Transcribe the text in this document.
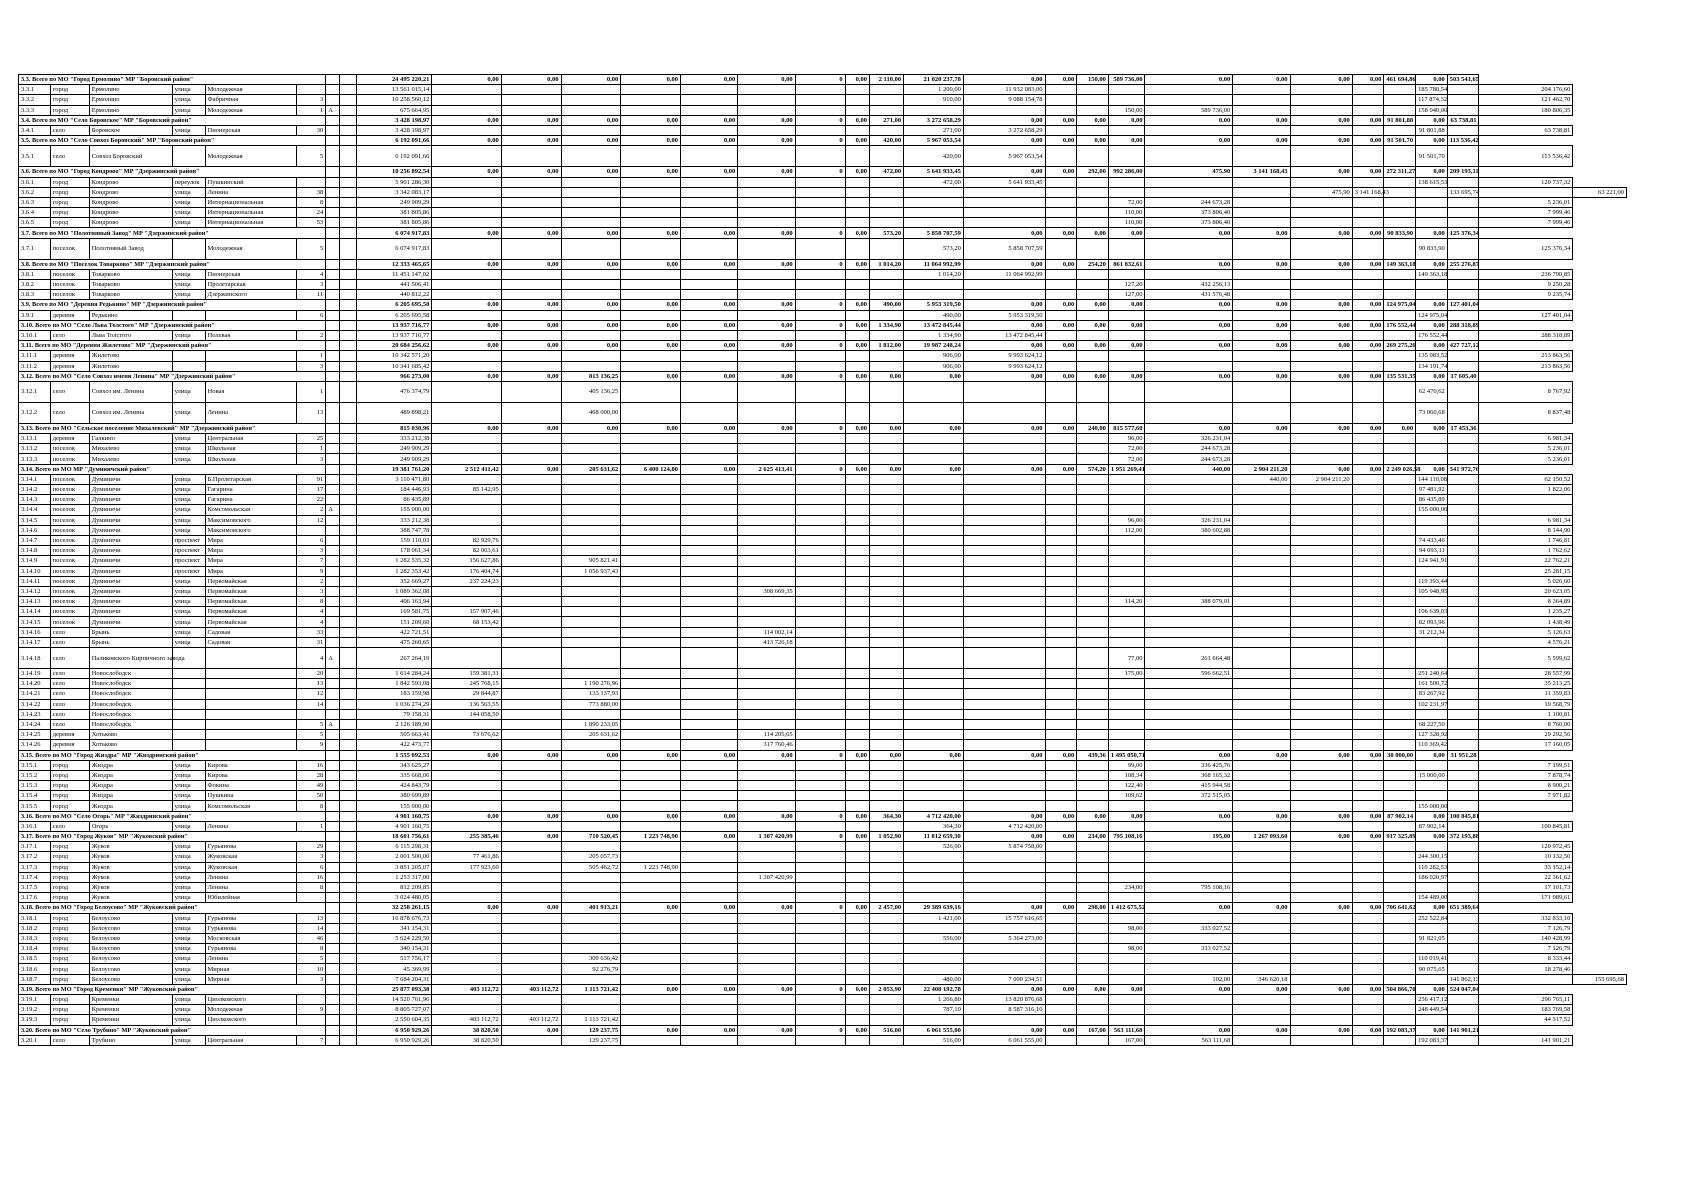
3.3. Всего по МО "Город Ермолино" МР "Боровский район"								24 495 220,21	0,00	0,00	0,00	0,00	0,00	0,00	0	0,00	2 110,00	21 020 237,78	0,00	0,00	150,00	589 736,00	0,00	0,00	0,00	0,00	461 694,86	0,00	503 541,65		
3.3.1	город	Ермолино	улица	Молодежная				13 561 015,14										1 200,00	11 932 083,00									185 780,54		204 176,60	
3.3.2	город	Ермолино	улица	Фабричная	3			10 258 560,12										910,00	9 088 154,78									117 874,32		121 462,70	
3.3.3	город	Ермолино	улица	Молодежная	1	А		675 664,95														150,00	589 736,00					158 040,00		180 806,35	
3.4. Всего по МО "Село Боровское" МР "Боровский район"								3 428 198,97	0,00	0,00	0,00	0,00	0,00	0,00	0	0,00	271,00	3 272 658,29	0,00	0,00	0,00	0,00	0,00	0,00	0,00	0,00	91 801,88	0,00	63 738,81		
3.4.1	село	Боровское	улица	Пионерская	30			3 428 198,97										271,00	3 272 658,29									91 801,88		63 738,81	
3.5. Всего по МО "Село Совхоз Боровский" МР "Боровский район"								6 192 091,66	0,00	0,00	0,00	0,00	0,00	0,00	0	0,00	420,00	5 967 053,54	0,00	0,00	0,00	0,00	0,00	0,00	0,00	0,00	91 501,70	0,00	113 536,42		
3.5.1	село	Совхоз Боровский		Молодежная	5			6 192 091,66										420,00	5 967 053,54									91 501,70		113 536,42	
3.6. Всего по МО "Город Кондрово" МР "Дзержинский район"								10 256 892,54	0,00	0,00	0,00	0,00	0,00	0,00	0	0,00	472,00	5 641 933,45	0,00	0,00	292,00	992 286,00	475,90	3 141 168,43	0,00	0,00	272 311,27	0,00	209 193,11		
3.6.1	город	Кондрово	переулок	Пушкинский				5 901 286,30										472,00	5 641 933,45									138 615,53		120 737,32	
3.6.2	город	Кондрово	улица	Ленина	38			3 342 083,17																	475,90	3 141 168,43			133 695,74		63 221,00
3.6.3	город	Кондрово	улица	Интернациональная	8			249 909,29														72,00	244 673,28							5 236,01	
3.6.4	город	Кондрово	улица	Интернациональная	24			381 805,86														110,00	373 806,40							7 999,46	
3.6.5	город	Кондрово	улица	Интернациональная	53			381 805,86														110,00	373 806,40							7 999,46	
3.7. Всего по МО "Полотняный Завод" МР "Дзержинский район"								6 074 917,83	0,00	0,00	0,00	0,00	0,00	0,00	0	0,00	573,20	5 858 707,59	0,00	0,00	0,00	0,00	0,00	0,00	0,00	0,00	90 833,90	0,00	125 376,34		
3.7.1	поселок	Полотняный Завод		Молодежная	5			6 074 917,83										573,20	5 858 707,59									90 833,90		125 376,34	
3.8. Всего по МО "Поселок Товарково" МР "Дзержинский район"								12 333 465,65	0,00	0,00	0,00	0,00	0,00	0,00	0	0,00	1 014,20	11 064 992,99	0,00	0,00	254,20	861 832,61	0,00	0,00	0,00	0,00	149 363,18	0,00	255 276,87		
3.8.1	поселок	Товарково	улица	Пионерская	4			11 451 147,02										1 014,20	11 064 992,99									149 363,18		236 790,85	
3.8.2	поселок	Товарково	улица	Пролетарская	3			441 506,41														127,20	432 256,13							9 250,28	
3.8.3	поселок	Товарково	улица	Дзержинского	11			440 812,22														127,00	431 576,48							9 235,74	
3.9. Всего по МО "Деревня Редькино" МР "Дзержинский район"								6 205 695,58	0,00	0,00	0,00	0,00	0,00	0,00	0	0,00	490,00	5 953 319,50	0,00	0,00	0,00	0,00	0,00	0,00	0,00	0,00	124 975,04	0,00	127 401,04		
3.9.1	деревня	Редькино			6			6 205 695,58										490,00	5 953 319,50									124 975,04		127 401,04	
3.10. Всего по МО "Село Льва Толстого" МР "Дзержинский район"								13 937 716,77	0,00	0,00	0,00	0,00	0,00	0,00	0	0,00	1 334,90	13 472 845,44	0,00	0,00	0,00	0,00	0,00	0,00	0,00	0,00	176 552,44	0,00	288 318,89		
3.10.1	село	Льва Толстого	улица	Полевая	2			13 937 716,77										1 334,90	13 472 845,44									176 552,44		288 318,89	
3.11. Всего по МО "Деревня Жилетово" МР "Дзержинский район"								20 684 256,62	0,00	0,00	0,00	0,00	0,00	0,00	0	0,00	1 812,00	19 987 248,24	0,00	0,00	0,00	0,00	0,00	0,00	0,00	0,00	269 275,26	0,00	427 727,12		
3.11.1	деревня	Жилетово			1			10 342 571,20										906,00	9 993 624,12									135 083,52		213 863,56	
3.11.2	деревня	Жилетово			3			10 341 685,42										906,00	9 993 624,12									134 191,74		213 863,56	
3.12. Всего по МО "Село Совхоз имени Ленина" МР "Дзержинский район"								966 273,00	0,00	0,00	813 136,25	0,00	0,00	0,00	0	0,00	0,00	0,00	0,00	0,00	0,00	0,00	0,00	0,00	0,00	0,00	135 531,35	0,00	17 605,40		
3.12.1	село	Совхоз им. Ленина	улица	Новая	1			476 374,79			405 136,25																	62 470,62		8 767,92	
3.12.2	село	Совхоз им. Ленина	улица	Ленина	13			489 898,21			408 000,00																	73 060,68		8 837,48	
3.13. Всего по МО "Сельское поселение Михалевский" МР "Дзержинский район"								815 030,96	0,00	0,00	0,00	0,00	0,00	0,00	0	0,00	0,00	0,00	0,00	0,00	240,00	815 577,60	0,00	0,00	0,00	0,00	0,00	0,00	17 453,36		
3.13.1	деревня	Галкино	улица	Центральная	25			333 212,38														96,00	326 231,04							6 981,34	
3.13.2	поселок	Михалево	улица	Школьная	1			249 909,29														72,00	244 673,28							5 236,01	
3.13.3	поселок	Михалево	улица	Школьная	3			249 909,29														72,00	244 673,28							5 236,01	
3.14. Всего по МО МР "Думиничский район"								19 381 761,20	2 512 411,42	0,00	205 631,62	6 400 124,80	0,00	2 625 413,41	0	0,00	0,00	0,00	0,00	0,00	574,20	1 951 269,41	440,00	2 904 211,20	0,00	0,00	2 249 026,58	0,00	341 972,76		
3.14.1	поселок	Думиничи	улица	Б.Пролетарская	91			3 110 471,80																440,00	2 904 211,20			144 110,08		62 150,52	
3.14.2	поселок	Думиничи	улица	Гагарина	17			184 446,93	85 142,95																			97 481,92		1 822,06	
3.14.3	поселок	Думиничи	улица	Гагарина	22			86 435,89																				86 435,89			
3.14.4	поселок	Думиничи	улица	Комсомольская	2	А		155 000,00																				155 000,00			
3.14.5	поселок	Думиничи	улица	Максимовского	12			333 212,38														96,00	326 231,04							6 981,34	
3.14.6	поселок	Думиничи	улица	Максимовского				388 747,78														112,00	380 602,88							8 144,90	
3.14.7	поселок	Думиничи	проспект	Мира	6			159 110,03	82 929,76																			74 433,46		1 746,81	
3.14.8	поселок	Думиничи	проспект	Мира	3			178 061,34	82 063,61																			94 093,11		1 762,62	
3.14.9	поселок	Думиничи	проспект	Мира	7			1 282 535,32	156 627,86		905 821,41																	124 941,91		22 762,21	
3.14.10	поселок	Думиничи	проспект	Мира	9			1 282 353,42	176 404,74		1 056 937,43																			25 281,15	
3.14.11	поселок	Думиничи	улица	Первомайская	2			352 669,27	237 224,23																			119 393,44		5 026,60	
3.14.12	поселок	Думиничи	улица	Первомайская	3			1 089 362,08						308 669,35														105 948,95		20 623,05	
3.14.13	поселок	Думиничи	улица	Первомайская	8			406 163,94														114,20	388 079,01							8 364,89	
3.14.14	поселок	Думиничи	улица	Первомайская	4			169 581,75	157 907,46																			106 639,03		1 235,27	
3.14.15	поселок	Думиничи	улица	Первомайская	4			151 209,60	68 153,42																			82 093,96		1 438,49	
3.14.16	село	Брынь	улица	Садовая	33			422 721,51						114 002,14														31 212,34		5 126,63	
3.14.17	село	Брынь	улица	Садовая	31			475 260,65						413 726,18																4 576,21	
3.14.18	село	Паликовского Кирпичного завода			4	А		267 264,19														77,00	261 664,48							5 599,62	
3.14.19	село	Новослободск			20			1 614 284,24	159 381,31													175,00	596 662,51					251 240,64		28 557,99	
3.14.20	село	Новослободск			13			1 842 593,08	245 768,15		1 190 276,96																	161 500,72		35 213,25	
3.14.21	село	Новослободск			12			183 159,98	29 844,87		133 137,93																	83 267,92		11 359,83	
3.14.22	село	Новослободск			14			1 036 274,29	136 563,55		773 880,00																	102 231,97		19 568,79	
3.14.23	село	Новослободск						79 158,31	144 058,50																					1 100,81	
3.14.24	село	Новослободск			5	А		2 126 189,90			1 890 233,05																	68 227,50		8 760,00	
3.14.25	деревня	Хотьково			5			505 663,41	73 676,62		205 631,62			114 205,65														127 328,92		29 292,56	
3.14.26	деревня	Хотьково			9			422 473,77						317 760,46														110 369,42		17 160,05	
3.15. Всего по МО "Город Жиздра" МР "Жиздринский район"								1 555 092,53	0,00	0,00	0,00	0,00	0,00	0,00	0	0,00	0,00	0,00	0,00	0,00	439,36	1 495 050,71	0,00	0,00	0,00	0,00	30 000,00	0,00	31 951,28		
3.15.1	город	Жиздра	улица	Кирова	16			343 625,27														99,00	336 425,76							7 199,51	
3.15.2	город	Жиздра	улица	Кирова	28			335 668,06														108,34	368 165,32					15 000,00		7 878,74	
3.15.3	город	Жиздра	улица	Фокина	49			424 843,79														122,40	415 944,58							8 900,21	
3.15.4	город	Жиздра	улица	Пушкина	50			380 699,89														109,62	372 515,05							7 971,82	
3.15.5	город	Жиздра	улица	Комсомольская	8			155 000,00																				155 000,00			
3.16. Всего по МО "Село Огорь" МР "Жиздринский район"								4 901 160,75	0,00	0,00	0,00	0,00	0,00	0,00	0	0,00	364,30	4 712 420,00	0,00	0,00	0,00	0,00	0,00	0,00	0,00	0,00	87 902,14	0,00	100 845,81		
3.16.1	село	Огорь	улица	Ленина	1			4 901 160,75										364,30	4 712 420,00									87 902,14		100 845,81	
3.17. Всего по МО "Город Жуков" МР "Жуковский район"								18 601 756,61	255 385,46	0,00	710 520,45	1 223 748,90	0,00	1 307 420,99	0	0,00	1 052,90	11 812 659,30	0,00	0,00	234,00	795 108,16	195,00	1 267 093,60	0,00	0,00	917 325,89	0,00	372 193,88		
3.17.1	город	Жуков	улица	Гурьянова	29			6 115 298,31										526,00	5 874 758,00											120 972,45	
3.17.2	город	Жуков	улица	Жуковская	3			2 001 500,00	77 461,86		205 057,73																	244 300,15		10 132,50	
3.17.3	город	Жуков	улица	Жуковская	6			3 851 205,07	177 923,60		505 462,72	1 223 748,90																110 282,53		33 152,14	
3.17.4	город	Жуков	улица	Ленина	16			1 253 317,00						1 307 420,99														186 020,97		22 361,62	
3.17.5	город	Жуков	улица	Ленина	8			812 209,85														234,00	795 108,16							17 101,73	
3.17.6	город	Жуков	улица	Юбилейная				3 024 480,05																				154 489,00		171 089,61	
3.18. Всего по МО "Город Белоусово" МР "Жуковский район"								32 258 261,15	0,00	0,00	401 913,21	0,00	0,00	0,00	0	0,00	2 457,00	29 389 639,16	0,00	0,00	298,00	1 412 675,52	0,00	0,00	0,00	0,00	706 641,62	0,00	651 389,64		
3.18.1	город	Белоусово	улица	Гурьянова	13			16 878 676,73										1 421,00	15 757 616,65									252 522,84		332 833,10	
3.18.2	город	Белоусово	улица	Гурьянова	14			341 154,31														98,00	333 027,52							7 126,79	
3.18.3	город	Белоусово	улица	Московская	46			5 624 229,50										556,00	5 364 273,00									91 821,05		140 428,99	
3.18.4	город	Белоусово	улица	Гурьянова	8			340 154,31														98,00	333 027,52							7 126,79	
3.18.5	город	Белоусово	улица	Ленина	5			517 756,17			309 636,42																	110 019,41		8 333,44	
3.18.6	город	Белоусово	улица	Мирная	10			45 369,99			92 276,79																	90 075,65		18 278,46	
3.18.7	город	Белоусово	улица	Мирная	3			7 684 204,31										480,00	7 000 234,51				102,00	346 620,18					141 862,13		155 695,68
3.19. Всего по МО "Город Кременки" МР "Жуковский район"								25 877 093,38	403 112,72	403 112,72	1 113 721,42	0,00	0,00	0,00	0	0,00	2 053,90	22 408 192,78	0,00	0,00	0,00	0,00	0,00	0,00	0,00	0,00	504 866,70	0,00	524 047,04		
3.19.1	город	Кременки	улица	Циолковского				14 520 761,96										1 266,80	13 820 876,68									256 417,12		296 765,11	
3.19.2	город	Кременки	улица	Молодежная	9			8 805 727,07										787,10	8 587 316,10									248 449,54		183 769,58	
3.19.3	город	Кременки	улица	Циолковского				2 550 604,35	403 112,72	403 112,72	1 113 721,42																			44 317,52	
3.20. Всего по МО "Село Трубино" МР "Жуковский район"								6 950 929,26	38 820,50	0,00	129 237,75	0,00	0,00	0,00	0	0,00	516,00	6 061 555,00	0,00	0,00	167,00	563 111,68	0,00	0,00	0,00	0,00	192 083,37	0,00	141 901,21		
3.20.1	село	Трубино	улица	Центральная	7			6 950 929,26	38 820,50		129 237,75							516,00	6 061 555,00			167,00	563 111,68					192 083,37		141 901,21	
